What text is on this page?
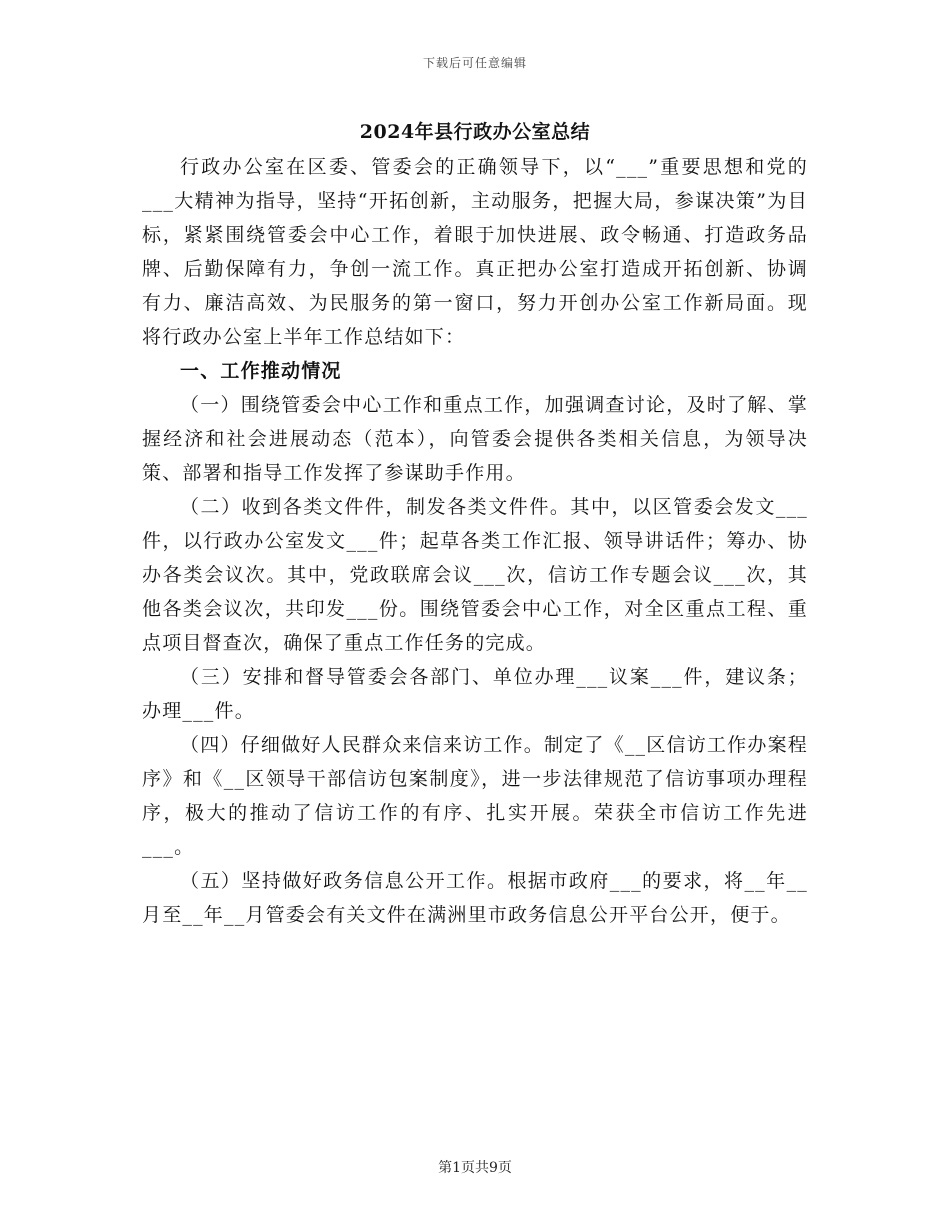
下载后可任意编辑
2024年县行政办公室总结

行政办公室在区委、管委会的正确领导下，以“___”重要思想和党的___大精神为指导，坚持“开拓创新，主动服务，把握大局，参谋决策”为目标，紧紧围绕管委会中心工作，着眼于加快进展、政令畅通、打造政务品牌、后勤保障有力，争创一流工作。真正把办公室打造成开拓创新、协调有力、廉洁高效、为民服务的第一窗口，努力开创办公室工作新局面。现将行政办公室上半年工作总结如下：

一、工作推动情况

（一）围绕管委会中心工作和重点工作，加强调查讨论，及时了解、掌握经济和社会进展动态（范本），向管委会提供各类相关信息，为领导决策、部署和指导工作发挥了参谋助手作用。

（二）收到各类文件件，制发各类文件件。其中，以区管委会发文___件，以行政办公室发文___件；起草各类工作汇报、领导讲话件；筹办、协办各类会议次。其中，党政联席会议___次，信访工作专题会议___次，其他各类会议次，共印发___份。围绕管委会中心工作，对全区重点工程、重点项目督查次，确保了重点工作任务的完成。

（三）安排和督导管委会各部门、单位办理___议案___件，建议条；办理___件。

（四）仔细做好人民群众来信来访工作。制定了《__区信访工作办案程序》和《__区领导干部信访包案制度》，进一步法律规范了信访事项办理程序，极大的推动了信访工作的有序、扎实开展。荣获全市信访工作先进___。

（五）坚持做好政务信息公开工作。根据市政府___的要求，将__年__月至__年__月管委会有关文件在满洲里市政务信息公开平台公开，便于。

第1页共9页
